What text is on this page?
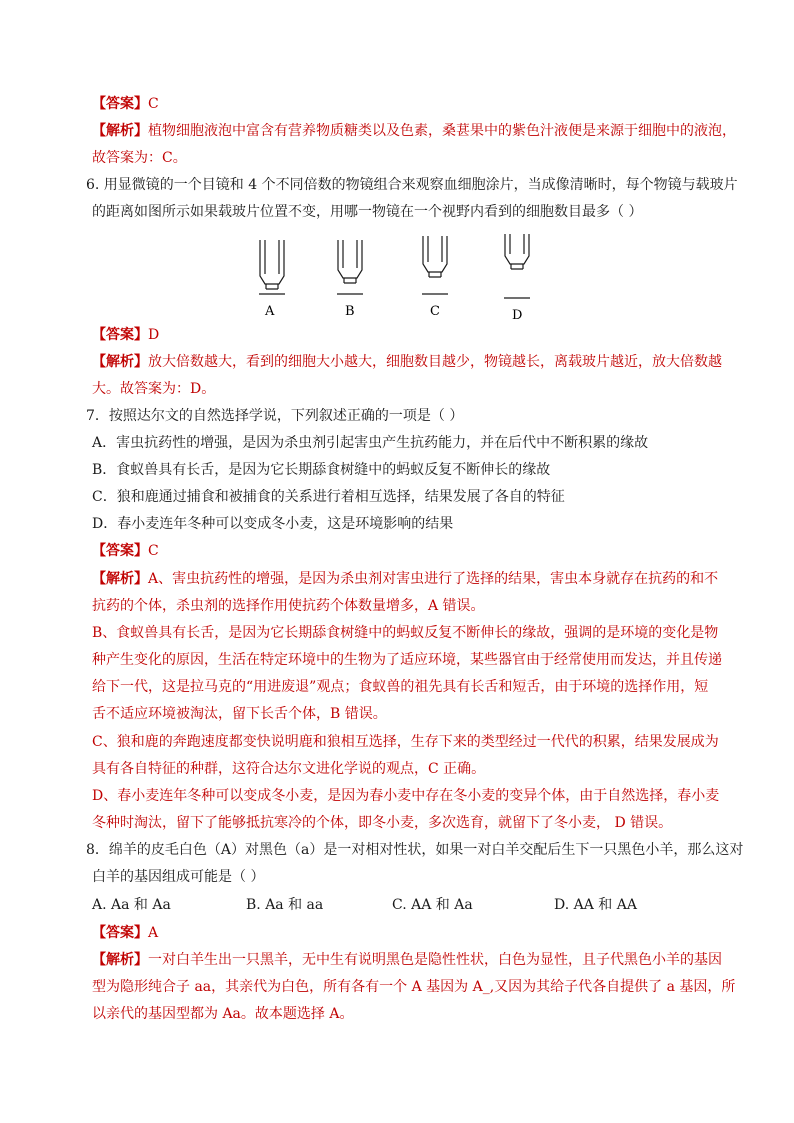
【答案】C
【解析】植物细胞液泡中富含有营养物质糖类以及色素，桑葚果中的紫色汁液便是来源于细胞中的液泡，
故答案为：C。
6. 用显微镜的一个目镜和 4 个不同倍数的物镜组合来观察血细胞涂片，当成像清晰时，每个物镜与载玻片
的距离如图所示如果载玻片位置不变，用哪一物镜在一个视野内看到的细胞数目最多（ ）
A	B	C	D
【答案】D
【解析】放大倍数越大，看到的细胞大小越大，细胞数目越少，物镜越长，离载玻片越近，放大倍数越
大。故答案为：D。
7．按照达尔文的自然选择学说，下列叙述正确的一项是（ ）
A．害虫抗药性的增强，是因为杀虫剂引起害虫产生抗药能力，并在后代中不断积累的缘故
B．食蚁兽具有长舌，是因为它长期舔食树缝中的蚂蚁反复不断伸长的缘故
C．狼和鹿通过捕食和被捕食的关系进行着相互选择，结果发展了各自的特征
D．春小麦连年冬种可以变成冬小麦，这是环境影响的结果
【答案】C
【解析】A、害虫抗药性的增强，是因为杀虫剂对害虫进行了选择的结果，害虫本身就存在抗药的和不
抗药的个体，杀虫剂的选择作用使抗药个体数量增多，A 错误。
B、食蚁兽具有长舌，是因为它长期舔食树缝中的蚂蚁反复不断伸长的缘故，强调的是环境的变化是物
种产生变化的原因，生活在特定环境中的生物为了适应环境，某些器官由于经常使用而发达，并且传递
给下一代，这是拉马克的“用进废退”观点；食蚁兽的祖先具有长舌和短舌，由于环境的选择作用，短
舌不适应环境被淘汰，留下长舌个体，B 错误。
C、狼和鹿的奔跑速度都变快说明鹿和狼相互选择，生存下来的类型经过一代代的积累，结果发展成为
具有各自特征的种群，这符合达尔文进化学说的观点，C 正确。
D、春小麦连年冬种可以变成冬小麦，是因为春小麦中存在冬小麦的变异个体，由于自然选择，春小麦
冬种时淘汰，留下了能够抵抗寒冷的个体，即冬小麦，多次选育，就留下了冬小麦， D 错误。
8．绵羊的皮毛白色（A）对黑色（a）是一对相对性状，如果一对白羊交配后生下一只黑色小羊，那么这对
白羊的基因组成可能是（ ）
A. Aa 和 Aa	B. Aa 和 aa	C. AA 和 Aa	D. AA 和 AA
【答案】A
【解析】一对白羊生出一只黑羊，无中生有说明黑色是隐性性状，白色为显性，且子代黑色小羊的基因
型为隐形纯合子 aa，其亲代为白色，所有各有一个 A 基因为 A_,又因为其给子代各自提供了 a 基因，所
以亲代的基因型都为 Aa。故本题选择 A。
